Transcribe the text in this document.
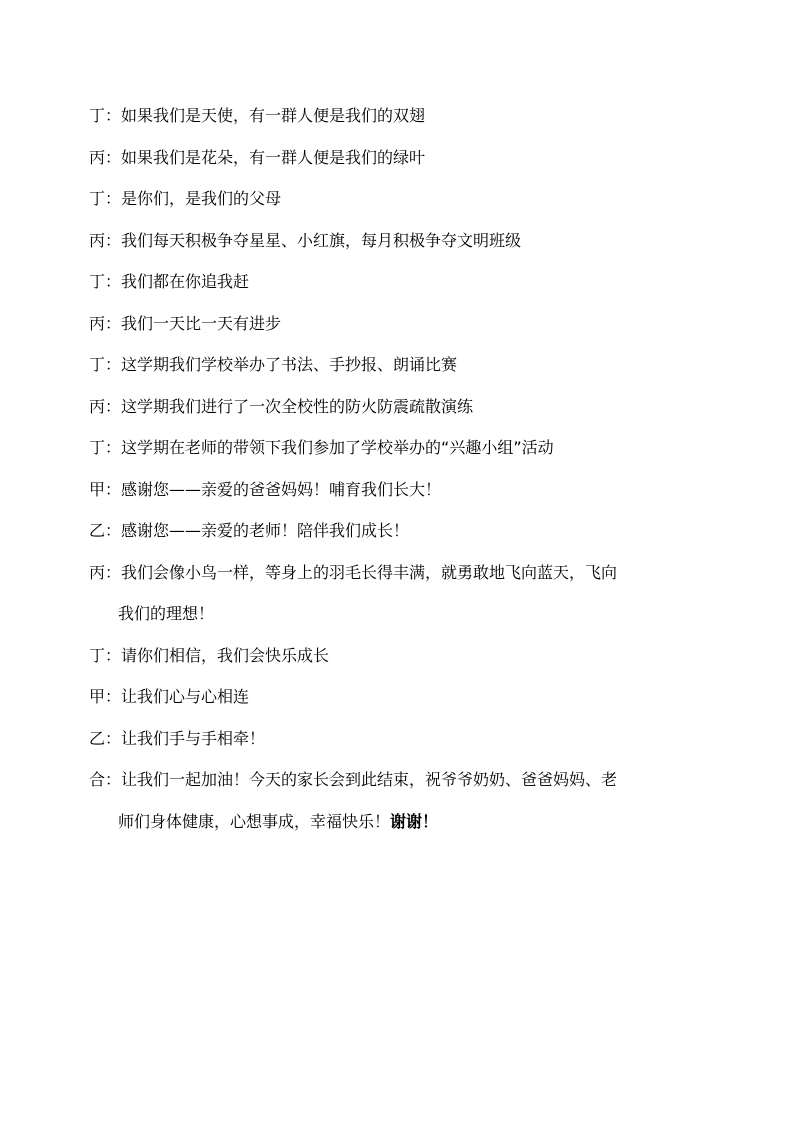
丁 ： 如果我们是天使，有一群人便是我们的双翅
丙 ： 如果我们是花朵，有一群人便是我们的绿叶
丁 ： 是你们，是我们的父母
丙 ： 我们每天积极争夺星星、小红旗，每月积极争夺文明班级
丁 ： 我们都在你追我赶
丙 ： 我们一天比一天有进步
丁 ： 这学期我们学校举办了书法、手抄报、朗诵比赛
丙 ： 这学期我们进行了一次全校性的防火防震疏散演练
丁 ： 这学期在老师的带领下我们参加了学校举办的“兴趣小组”活动
甲 ： 感谢您——亲爱的爸爸妈妈！哺育我们长大！
乙 ： 感谢您——亲爱的老师！陪伴我们成长！
丙：我们会像小鸟一样，等身上的羽毛长得丰满，就勇敢地飞向蓝天，飞向
我们的理想！
丁 ： 请你们相信，我们会快乐成长
甲 ： 让我们心与心相连
乙 ： 让我们手与手相牵！
合：让我们一起加油！今天的家长会到此结束，祝爷爷奶奶、爸爸妈妈、老
师们身体健康，心想事成，幸福快乐！谢谢！
